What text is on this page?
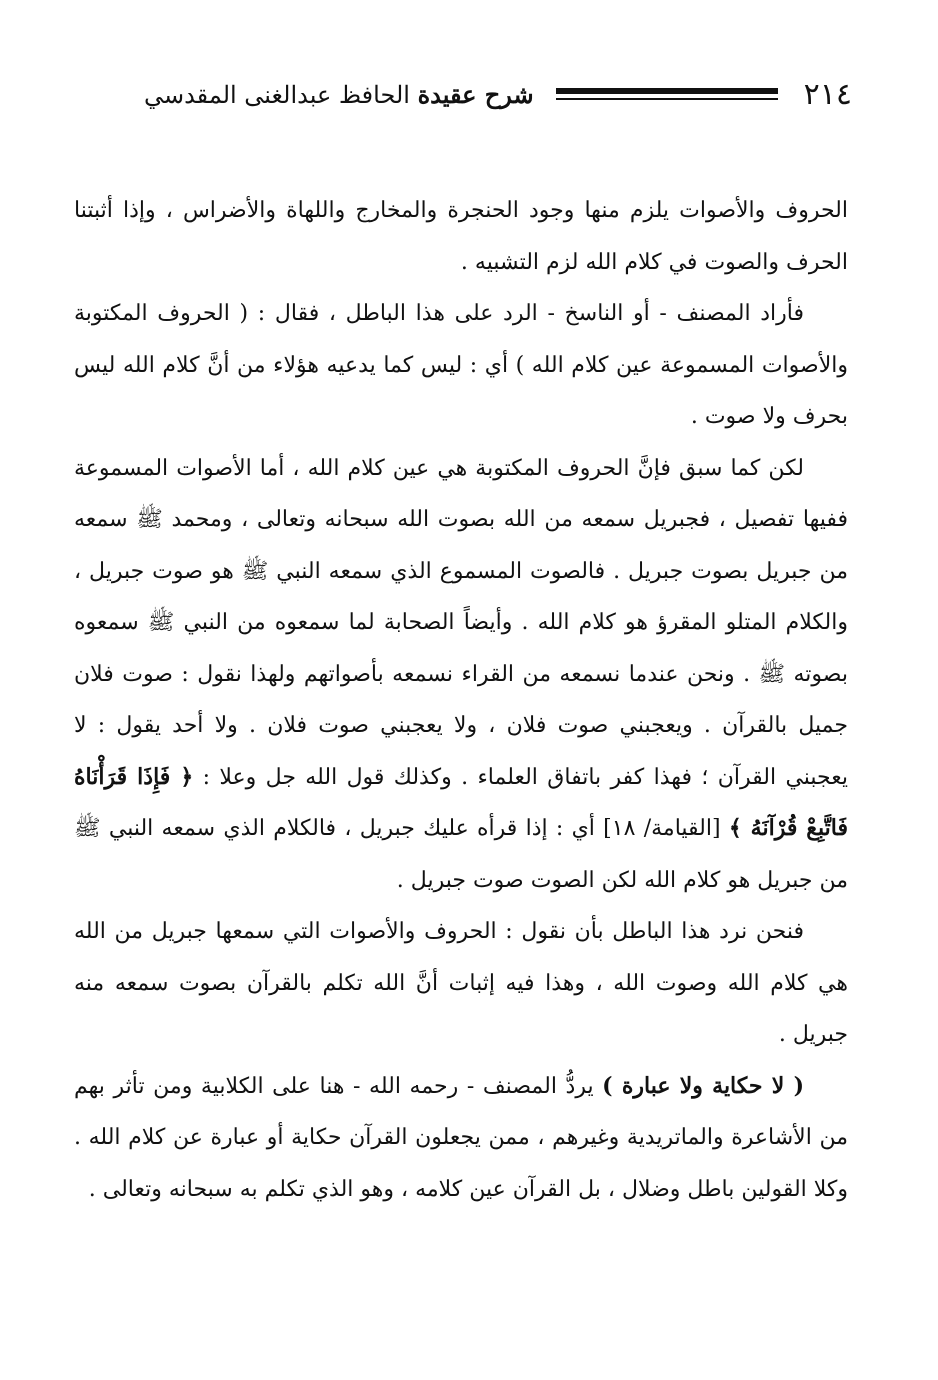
٢١٤
شرح عقيدة الحافظ عبدالغنى المقدسي

الحروف والأصوات يلزم منها وجود الحنجرة والمخارج واللهاة والأضراس ، وإذا أثبتنا الحرف والصوت في كلام الله لزم التشبيه .

فأراد المصنف - أو الناسخ - الرد على هذا الباطل ، فقال : ( الحروف المكتوبة والأصوات المسموعة عين كلام الله ) أي : ليس كما يدعيه هؤلاء من أنَّ كلام الله ليس بحرف ولا صوت .

لكن كما سبق فإنَّ الحروف المكتوبة هي عين كلام الله ، أما الأصوات المسموعة ففيها تفصيل ، فجبريل سمعه من الله بصوت الله سبحانه وتعالى ، ومحمد ﷺ سمعه من جبريل بصوت جبريل . فالصوت المسموع الذي سمعه النبي ﷺ هو صوت جبريل ، والكلام المتلو المقرؤ هو كلام الله . وأيضاً الصحابة لما سمعوه من النبي ﷺ سمعوه بصوته ﷺ . ونحن عندما نسمعه من القراء نسمعه بأصواتهم ولهذا نقول : صوت فلان جميل بالقرآن . ويعجبني صوت فلان ، ولا يعجبني صوت فلان . ولا أحد يقول : لا يعجبني القرآن ؛ فهذا كفر باتفاق العلماء . وكذلك قول الله جل وعلا : ﴿ فَإِذَا قَرَأْنَاهُ فَاتَّبِعْ قُرْآنَهُ ﴾ [القيامة/ ١٨] أي : إذا قرأه عليك جبريل ، فالكلام الذي سمعه النبي ﷺ من جبريل هو كلام الله لكن الصوت صوت جبريل .

فنحن نرد هذا الباطل بأن نقول : الحروف والأصوات التي سمعها جبريل من الله هي كلام الله وصوت الله ، وهذا فيه إثبات أنَّ الله تكلم بالقرآن بصوت سمعه منه جبريل .

( لا حكاية ولا عبارة ) يردُّ المصنف - رحمه الله - هنا على الكلابية ومن تأثر بهم من الأشاعرة والماتريدية وغيرهم ، ممن يجعلون القرآن حكاية أو عبارة عن كلام الله . وكلا القولين باطل وضلال ، بل القرآن عين كلامه ، وهو الذي تكلم به سبحانه وتعالى .
